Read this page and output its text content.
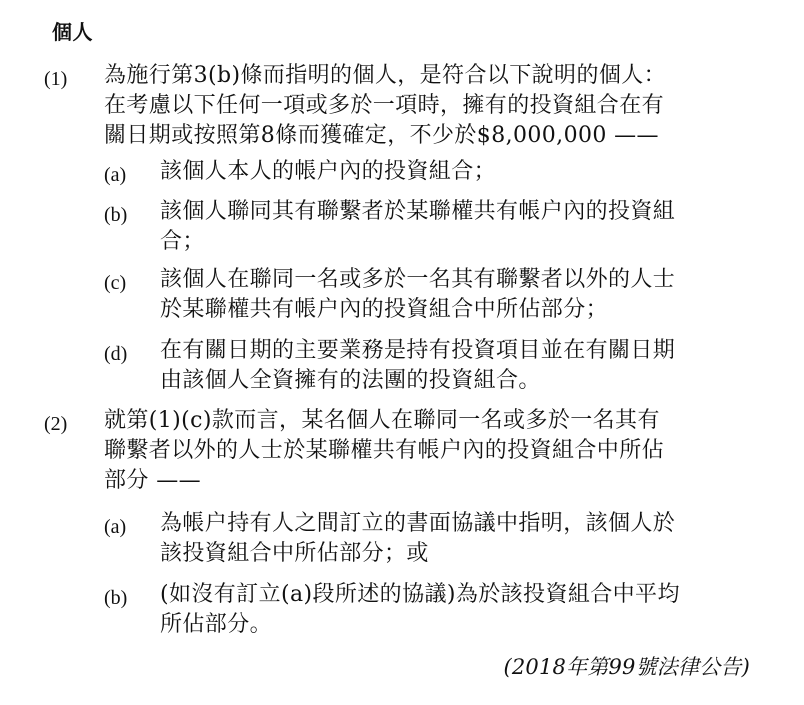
個人
(1) 為施行第3(b)條而指明的個人，是符合以下說明的個人：
在考慮以下任何一項或多於一項時，擁有的投資組合在有
關日期或按照第8條而獲確定，不少於$8,000,000 ——
(a) 該個人本人的帳户內的投資組合；
(b) 該個人聯同其有聯繫者於某聯權共有帳户內的投資組
合；
(c) 該個人在聯同一名或多於一名其有聯繫者以外的人士
於某聯權共有帳户內的投資組合中所佔部分；
(d) 在有關日期的主要業務是持有投資項目並在有關日期
由該個人全資擁有的法團的投資組合。
(2) 就第(1)(c)款而言，某名個人在聯同一名或多於一名其有
聯繫者以外的人士於某聯權共有帳户內的投資組合中所佔
部分 ——
(a) 為帳户持有人之間訂立的書面協議中指明，該個人於
該投資組合中所佔部分；或
(b) (如沒有訂立(a)段所述的協議)為於該投資組合中平均
所佔部分。
(2018年第99號法律公告)
